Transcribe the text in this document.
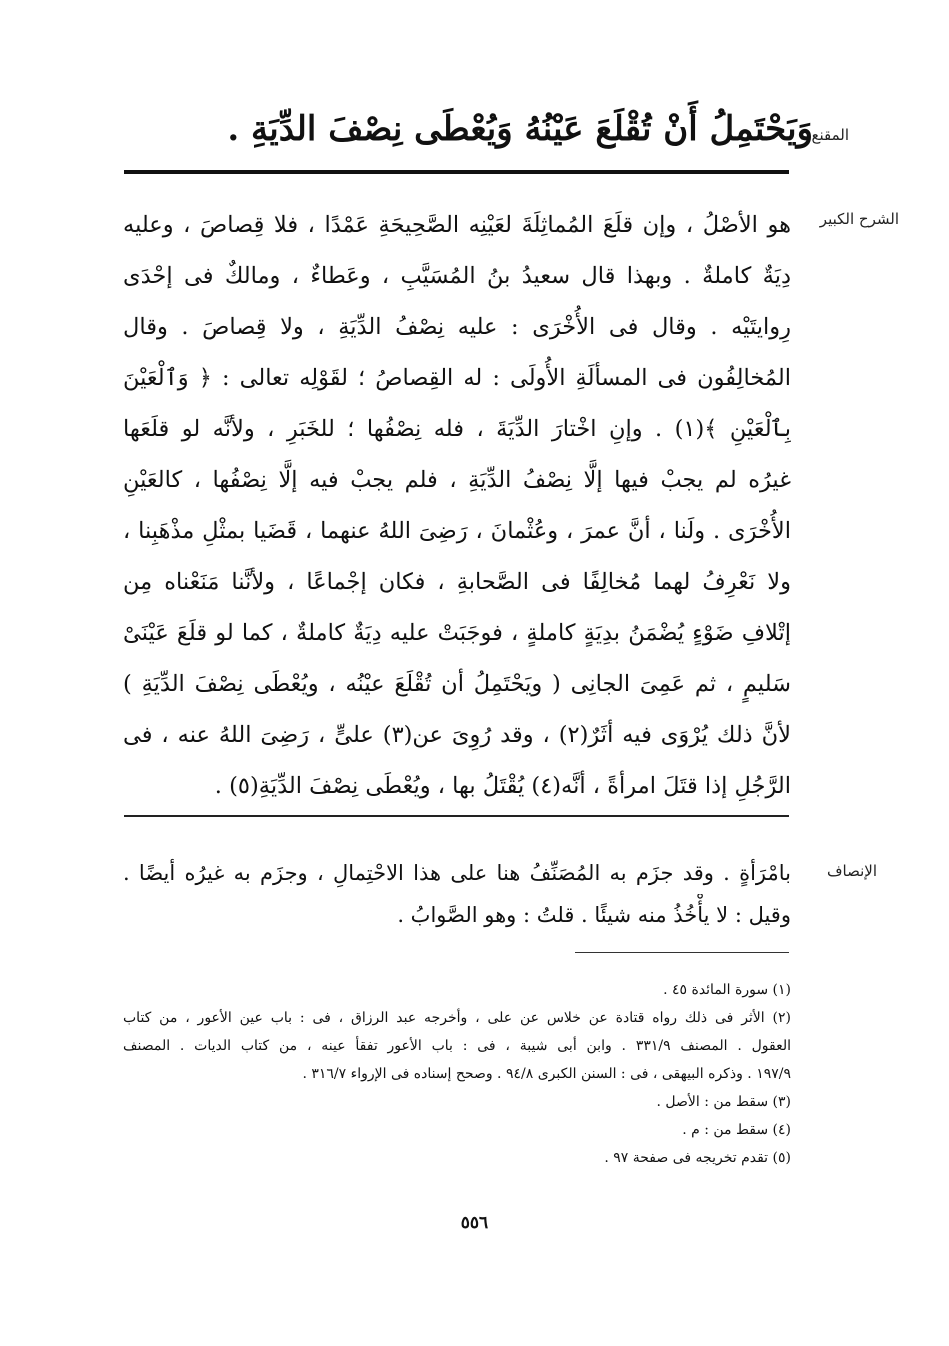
المقنع
وَيَحْتَمِلُ أَنْ تُقْلَعَ عَيْنُهُ وَيُعْطَى نِصْفَ الدِّيَةِ .
الشرح الكبير
هو الأصْلُ ، وإن قلَعَ المُماثِلَةَ لعَيْنِه الصَّحِيحَةِ عَمْدًا ، فلا قِصاصَ ، وعليه
دِيَةٌ كاملةٌ . وبهذا قال سعيدُ بنُ المُسَيَّبِ ، وعَطاءٌ ، ومالكٌ فى إحْدَى
رِوايتَيْه . وقال فى الأُخْرَى : عليه نِصْفُ الدِّيَةِ ، ولا قِصاصَ . وقال
المُخالِفُون فى المسألَةِ الأُولَى : له القِصاصُ ؛ لقَوْلِه تعالى : ﴿ وَٱلْعَيْنَ
بِٱلْعَيْنِ ﴾(١) . وإنِ اخْتارَ الدِّيَةَ ، فله نِصْفُها ؛ للخَبَرِ ، ولأنَّه لو قلَعَها
غيرُه لم يجبْ فيها إلَّا نِصْفُ الدِّيَةِ ، فلم يجبْ فيه إلَّا نِصْفُها ، كالعَيْنِ
الأُخْرَى . ولَنا ، أنَّ عمرَ ، وعُثْمانَ ، رَضِىَ اللهُ عنهما ، قَضَيا بمثْلِ مذْهَبِنا ،
ولا نَعْرِفُ لهما مُخالِفًا فى الصَّحابةِ ، فكان إجْماعًا ، ولأنَّنا مَنَعْناه مِن
إتْلافِ ضَوْءٍ يُضْمَنُ بدِيَةٍ كاملةٍ ، فوجَبَتْ عليه دِيَةٌ كاملةٌ ، كما لو قلَعَ عَيْنَىْ
سَليمٍ ، ثم عَمِىَ الجانِى ( ويَحْتَمِلُ أن تُقْلَعَ عيْنُه ، ويُعْطَى نِصْفَ الدِّيَةِ )
لأنَّ ذلك يُرْوَى فيه أثَرٌ(٢) ، وقد رُوِىَ عن(٣) علىٍّ ، رَضِىَ اللهُ عنه ، فى
الرَّجُلِ إذا قتَلَ امرأةً ، أنَّه(٤) يُقْتَلُ بها ، ويُعْطَى نِصْفَ الدِّيَةِ(٥) .
الإنصاف
بامْرَأةٍ . وقد جزَم به المُصَنِّفُ هنا على هذا الاحْتِمالِ ، وجزَم به غيرُه أيضًا .
وقيل : لا يأْخُذُ منه شيئًا . قلتُ : وهو الصَّوابُ .
(١) سورة المائدة ٤٥ .
(٢) الأثر فى ذلك رواه قتادة عن خلاس عن على ، وأخرجه عبد الرزاق ، فى : باب عين الأعور ، من كتاب
العقول . المصنف ٣٣١/٩ . وابن أبى شيبة ، فى : باب الأعور تفقأ عينه ، من كتاب الديات . المصنف
١٩٧/٩ . وذكره البيهقى ، فى : السنن الكبرى ٩٤/٨ . وصحح إسناده فى الإرواء ٣١٦/٧ .
(٣) سقط من : الأصل .
(٤) سقط من : م .
(٥) تقدم تخريجه فى صفحة ٩٧ .
٥٥٦
